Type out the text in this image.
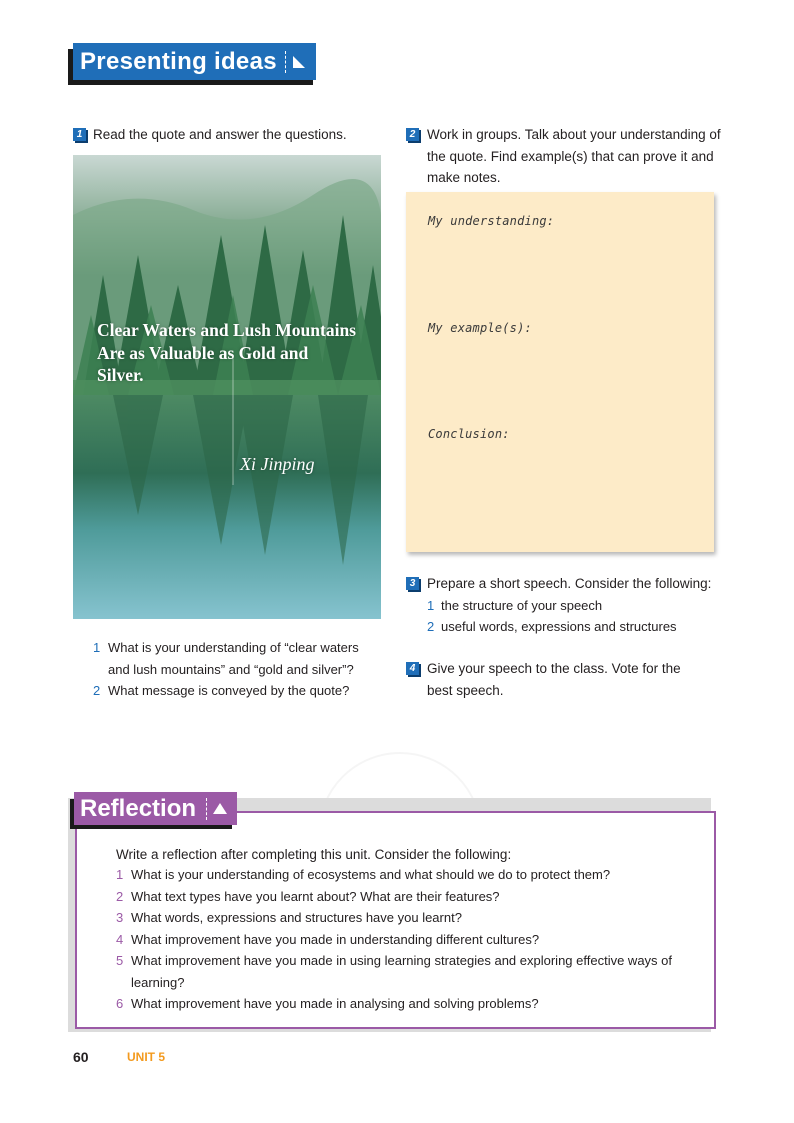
Presenting ideas
1 Read the quote and answer the questions.
Clear Waters and Lush Mountains Are as Valuable as Gold and Silver.
Xi Jinping
1 What is your understanding of “clear waters and lush mountains” and “gold and silver”?
2 What message is conveyed by the quote?
2 Work in groups. Talk about your understanding of the quote. Find example(s) that can prove it and make notes.
My understanding:
My example(s):
Conclusion:
3 Prepare a short speech. Consider the following:
1 the structure of your speech
2 useful words, expressions and structures
4 Give your speech to the class. Vote for the best speech.
Reflection
Write a reflection after completing this unit. Consider the following:
1 What is your understanding of ecosystems and what should we do to protect them?
2 What text types have you learnt about? What are their features?
3 What words, expressions and structures have you learnt?
4 What improvement have you made in understanding different cultures?
5 What improvement have you made in using learning strategies and exploring effective ways of learning?
6 What improvement have you made in analysing and solving problems?
60	UNIT 5
